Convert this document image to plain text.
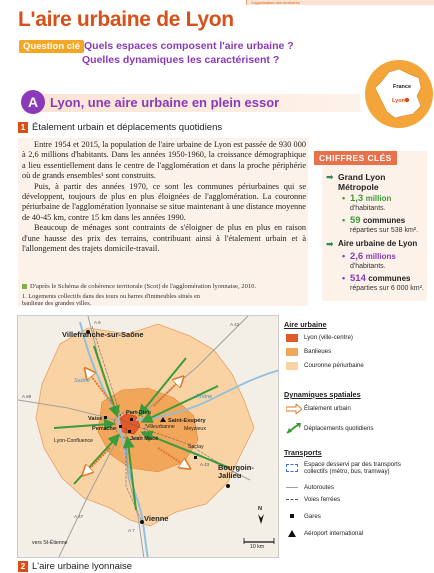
l'organisation des territoires
L'aire urbaine de Lyon
Question clé Quels espaces composent l'aire urbaine ?
Quelles dynamiques les caractérisent ?
France
Lyon
A Lyon, une aire urbaine en plein essor
1 Étalement urbain et déplacements quotidiens

Entre 1954 et 2015, la population de l'aire urbaine de Lyon est passée de 930 000 à 2,6 millions d'habitants. Dans les années 1950-1960, la croissance démographique a lieu essentiellement dans le centre de l'agglomération et dans la proche périphérie où de grands ensembles¹ sont construits.

Puis, à partir des années 1970, ce sont les communes périurbaines qui se développent, toujours de plus en plus éloignées de l'agglomération. La couronne périurbaine de l'agglomération lyonnaise se situe maintenant à une distance moyenne de 40-45 km, contre 15 km dans les années 1990.

Beaucoup de ménages sont contraints de s'éloigner de plus en plus en raison d'une hausse des prix des terrains, contribuant ainsi à l'étalement urbain et à l'allongement des trajets domicile-travail.

D'après le Schéma de cohérence territorale (Scot) de l'agglomération lyonnaise, 2010.
1. Logements collectifs dans des tours ou barres d'immeubles situés en banlieue des grandes villes.
CHIFFRES CLÉS
➡ Grand Lyon
Métropole
• 1,3 million
d'habitants.
• 59 communes
réparties sur 538 km².
➡ Aire urbaine de Lyon
• 2,6 millions
d'habitants.
• 514 communes
réparties sur 6 000 km².
Villefranche-sur-Saône
Vaise
Perrache
Part-Dieu
Jean Macé
Lyon-Confluence
Villeurbanne Meyzieux
Saint-Exupéry
Saclay
Bourgoin-Jallieu
Vienne
vers St-Étienne
Rhône
Saône
A 6	A 42
A 89
A 43
A 47
A 7
N
10 km
Aire urbaine
Lyon (ville-centre)
Banlieues
Couronne périurbaine
Dynamiques spatiales
Étalement urbain
Déplacements quotidiens
Transports
Espace desservi par des transports collectifs (métro, bus, tramway)
Autoroutes
Voies ferrées
Gares
Aéroport international
2 L'aire urbaine lyonnaise
